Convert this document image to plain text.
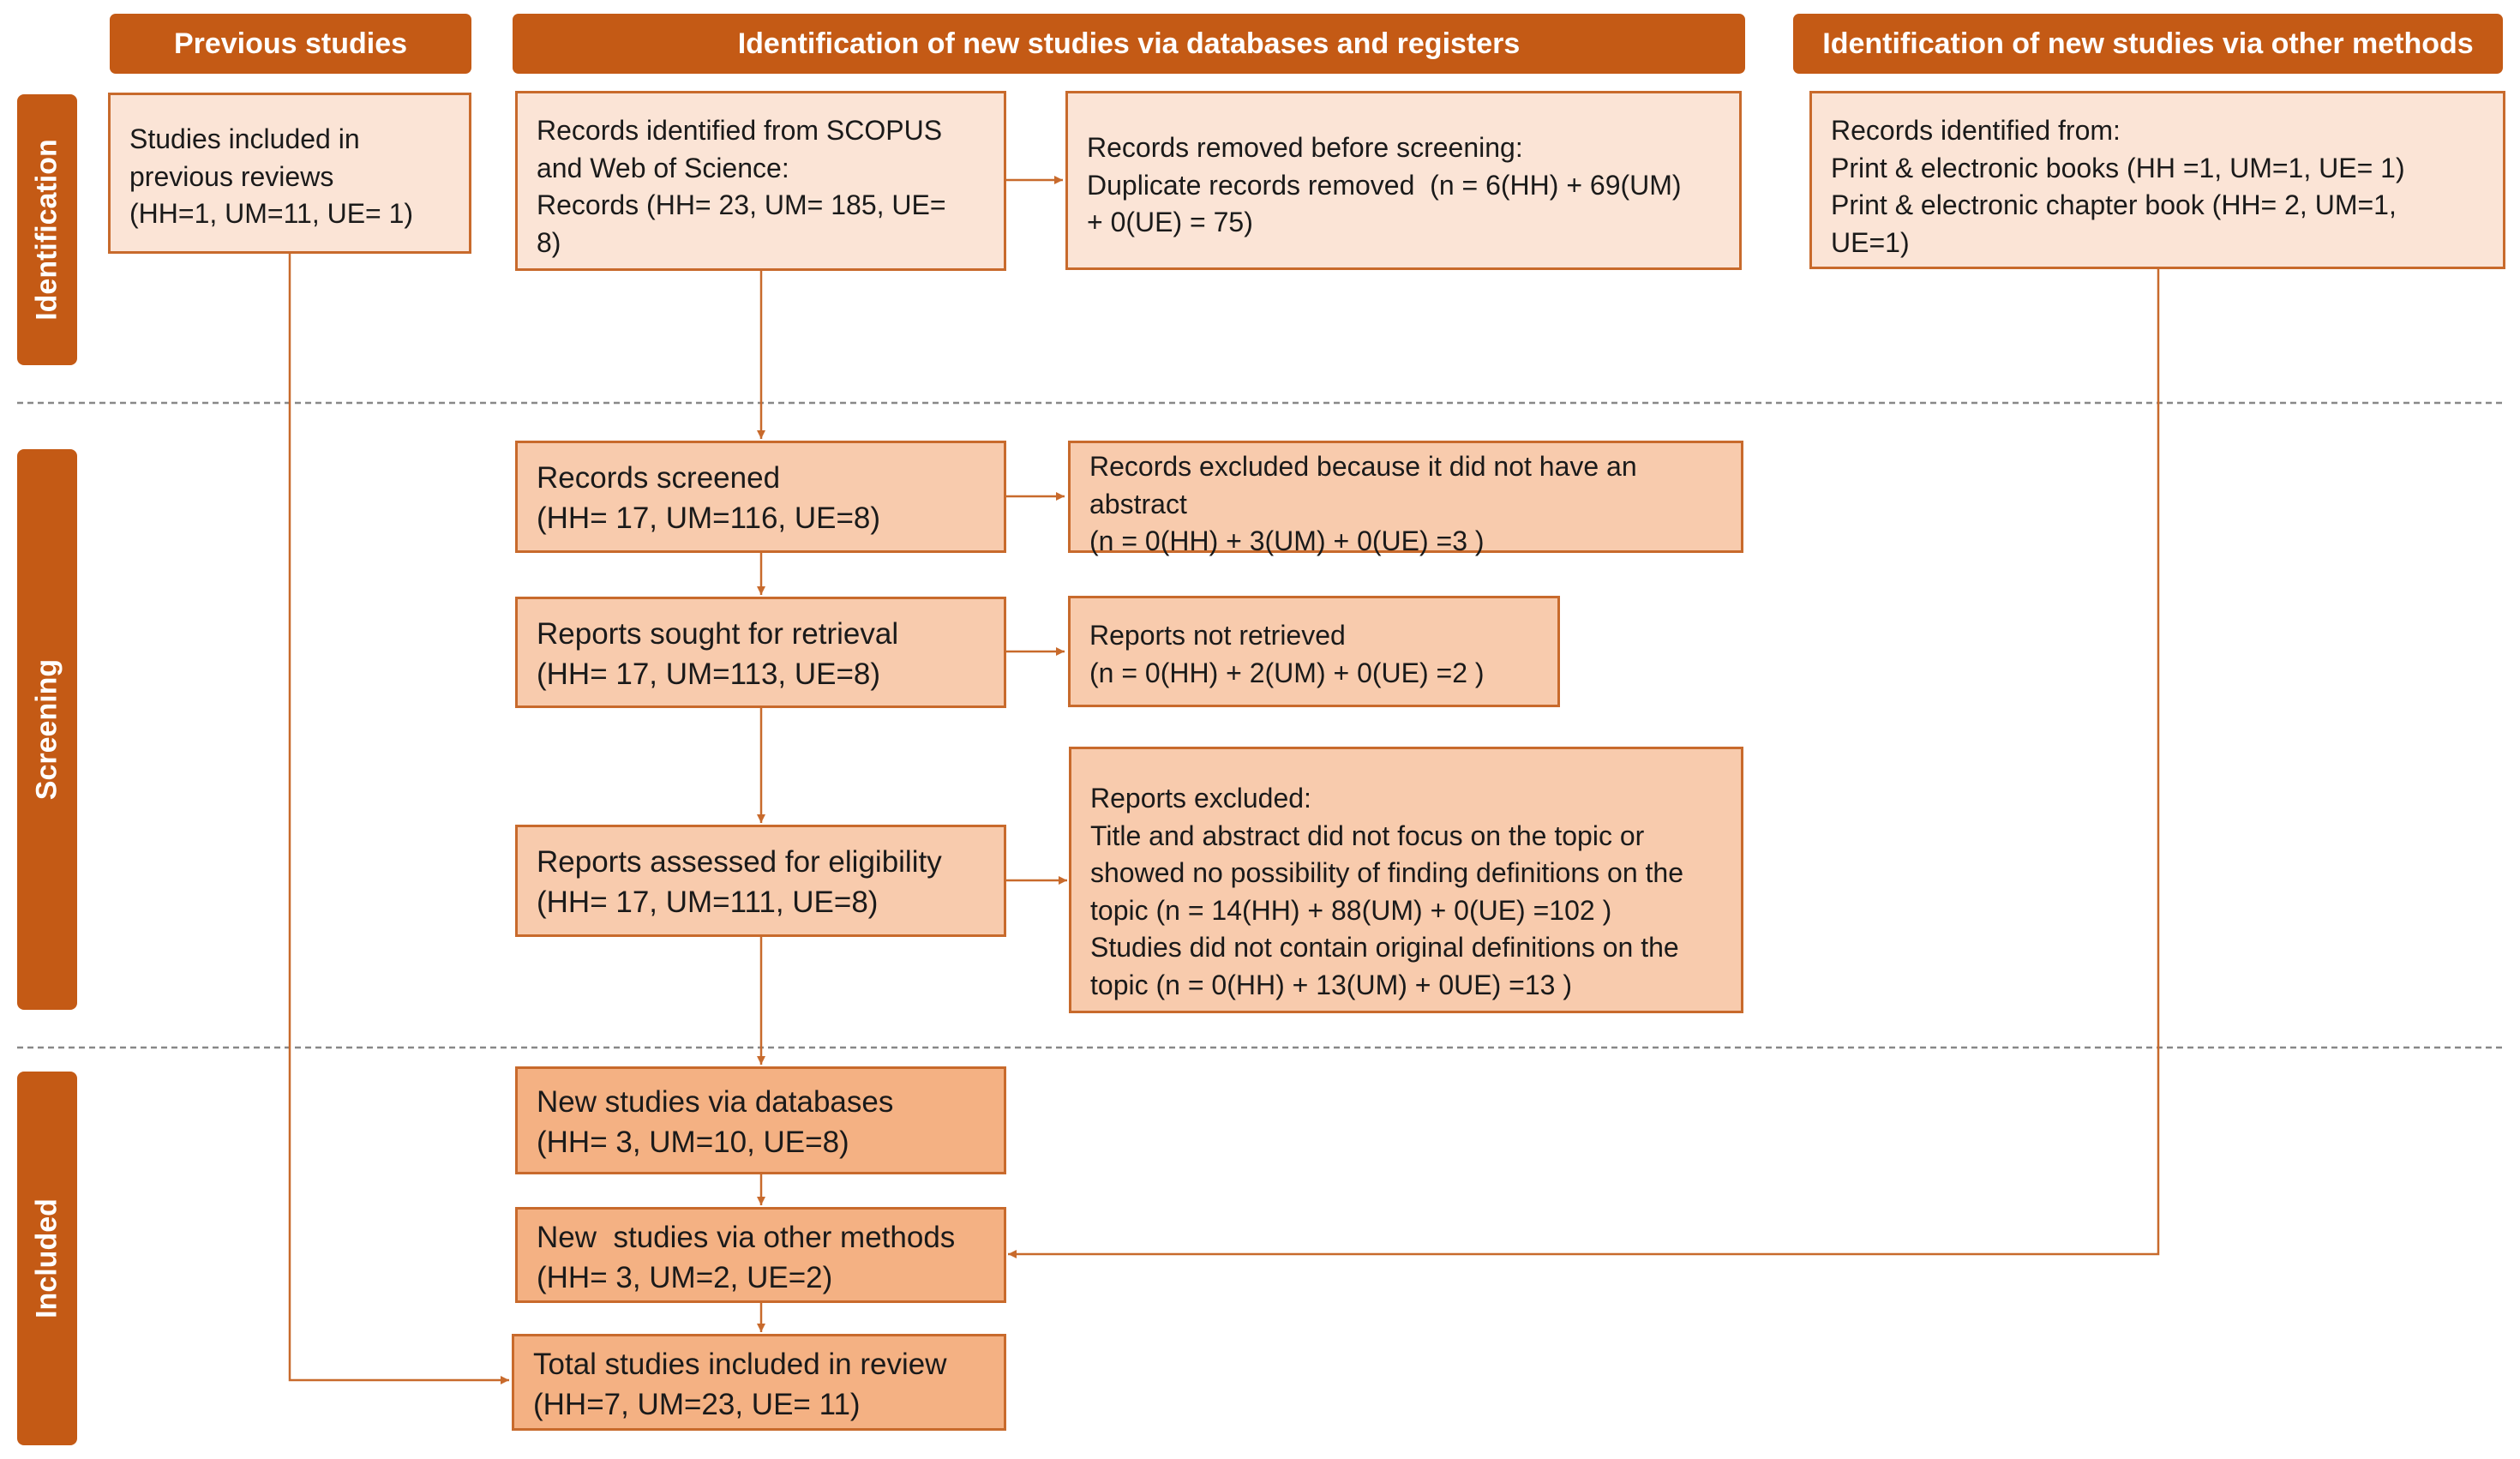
Previous studies	Identification of new studies via databases and registers	Identification of new studies via other methods
Identification
Screening
Included
Studies included in
previous reviews
(HH=1, UM=11, UE= 1)
Records identified from SCOPUS
and Web of Science:
Records (HH= 23, UM= 185, UE=
8)
Records removed before screening:
Duplicate records removed  (n = 6(HH) + 69(UM)
+ 0(UE) = 75)
Records identified from:
Print & electronic books (HH =1, UM=1, UE= 1)
Print & electronic chapter book (HH= 2, UM=1,
UE=1)
Records screened
(HH= 17, UM=116, UE=8)
Records excluded because it did not have an
abstract
(n = 0(HH) + 3(UM) + 0(UE) =3 )
Reports sought for retrieval
(HH= 17, UM=113, UE=8)
Reports not retrieved
(n = 0(HH) + 2(UM) + 0(UE) =2 )
Reports assessed for eligibility
(HH= 17, UM=111, UE=8)
Reports excluded:
Title and abstract did not focus on the topic or
showed no possibility of finding definitions on the
topic (n = 14(HH) + 88(UM) + 0(UE) =102 )
Studies did not contain original definitions on the
topic (n = 0(HH) + 13(UM) + 0UE) =13 )
New studies via databases
(HH= 3, UM=10, UE=8)
New  studies via other methods
(HH= 3, UM=2, UE=2)
Total studies included in review
(HH=7, UM=23, UE= 11)
